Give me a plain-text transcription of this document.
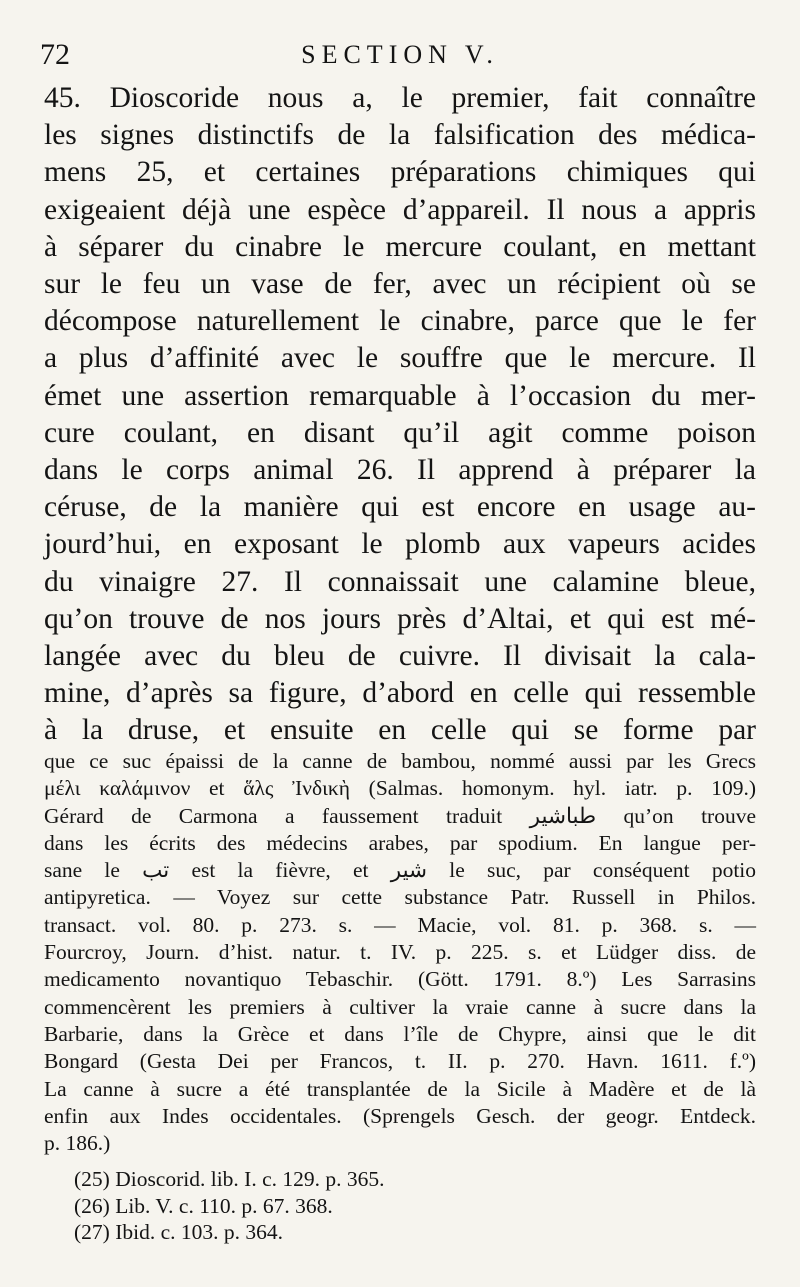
72	SECTION V.
45. Dioscoride nous a, le premier, fait connaître
les signes distinctifs de la falsification des médica-
mens 25, et certaines préparations chimiques qui
exigeaient déjà une espèce d’appareil. Il nous a appris
à séparer du cinabre le mercure coulant, en mettant
sur le feu un vase de fer, avec un récipient où se
décompose naturellement le cinabre, parce que le fer
a plus d’affinité avec le souffre que le mercure. Il
émet une assertion remarquable à l’occasion du mer-
cure coulant, en disant qu’il agit comme poison
dans le corps animal 26. Il apprend à préparer la
céruse, de la manière qui est encore en usage au-
jourd’hui, en exposant le plomb aux vapeurs acides
du vinaigre 27. Il connaissait une calamine bleue,
qu’on trouve de nos jours près d’Altai, et qui est mé-
langée avec du bleu de cuivre. Il divisait la cala-
mine, d’après sa figure, d’abord en celle qui ressemble
à la druse, et ensuite en celle qui se forme par
que ce suc épaissi de la canne de bambou, nommé aussi par les Grecs
μέλι καλάμινον et ἅλς Ἰνδικὴ (Salmas. homonym. hyl. iatr. p. 109.)
Gérard de Carmona a faussement traduit طباشير qu’on trouve
dans les écrits des médecins arabes, par spodium. En langue per-
sane le تب est la fièvre, et شير le suc, par conséquent potio
antipyretica. — Voyez sur cette substance Patr. Russell in Philos.
transact. vol. 80. p. 273. s. — Macie, vol. 81. p. 368. s. —
Fourcroy, Journ. d’hist. natur. t. IV. p. 225. s. et Lüdger diss. de
medicamento novantiquo Tebaschir. (Gött. 1791. 8.º) Les Sarrasins
commencèrent les premiers à cultiver la vraie canne à sucre dans la
Barbarie, dans la Grèce et dans l’île de Chypre, ainsi que le dit
Bongard (Gesta Dei per Francos, t. II. p. 270. Havn. 1611. f.º)
La canne à sucre a été transplantée de la Sicile à Madère et de là
enfin aux Indes occidentales. (Sprengels Gesch. der geogr. Entdeck.
p. 186.)
(25) Dioscorid. lib. I. c. 129. p. 365.
(26) Lib. V. c. 110. p. 67. 368.
(27) Ibid. c. 103. p. 364.
